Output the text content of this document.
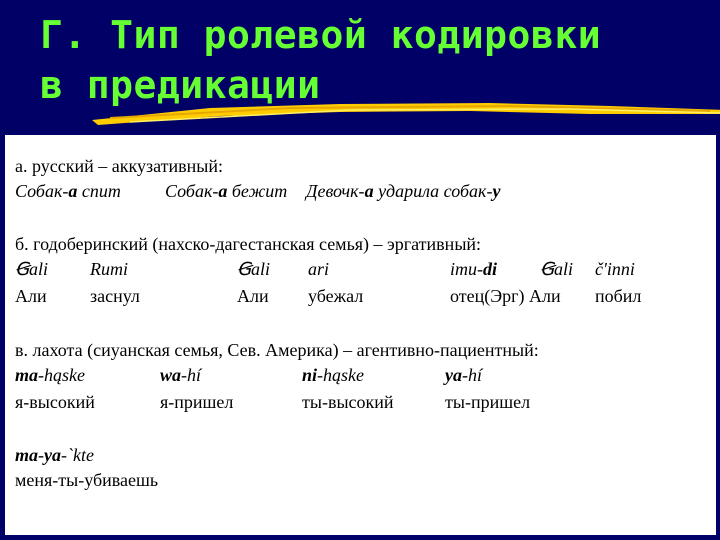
Г. Тип ролевой кодировки
в предикации
а. русский – аккузативный:
Собак-а спит Собак-а бежит Девочк-а ударила собак-у
б. годоберинский (нахско-дагестанская семья) – эргативный:
Ꞡali Rumi	Ꞡali ari	imu-di Ꞡali č'inni
Али заснул	Али убежал	отец(Эрг) Али побил
в. лахота (сиуанская семья, Сев. Америка) – агентивно-пациентный:
ma-hąske	wa-hí	ni-hąske	ya-hí
я-высокий	я-пришел	ты-высокий	ты-пришел
ma-ya-`kte
меня-ты-убиваешь
